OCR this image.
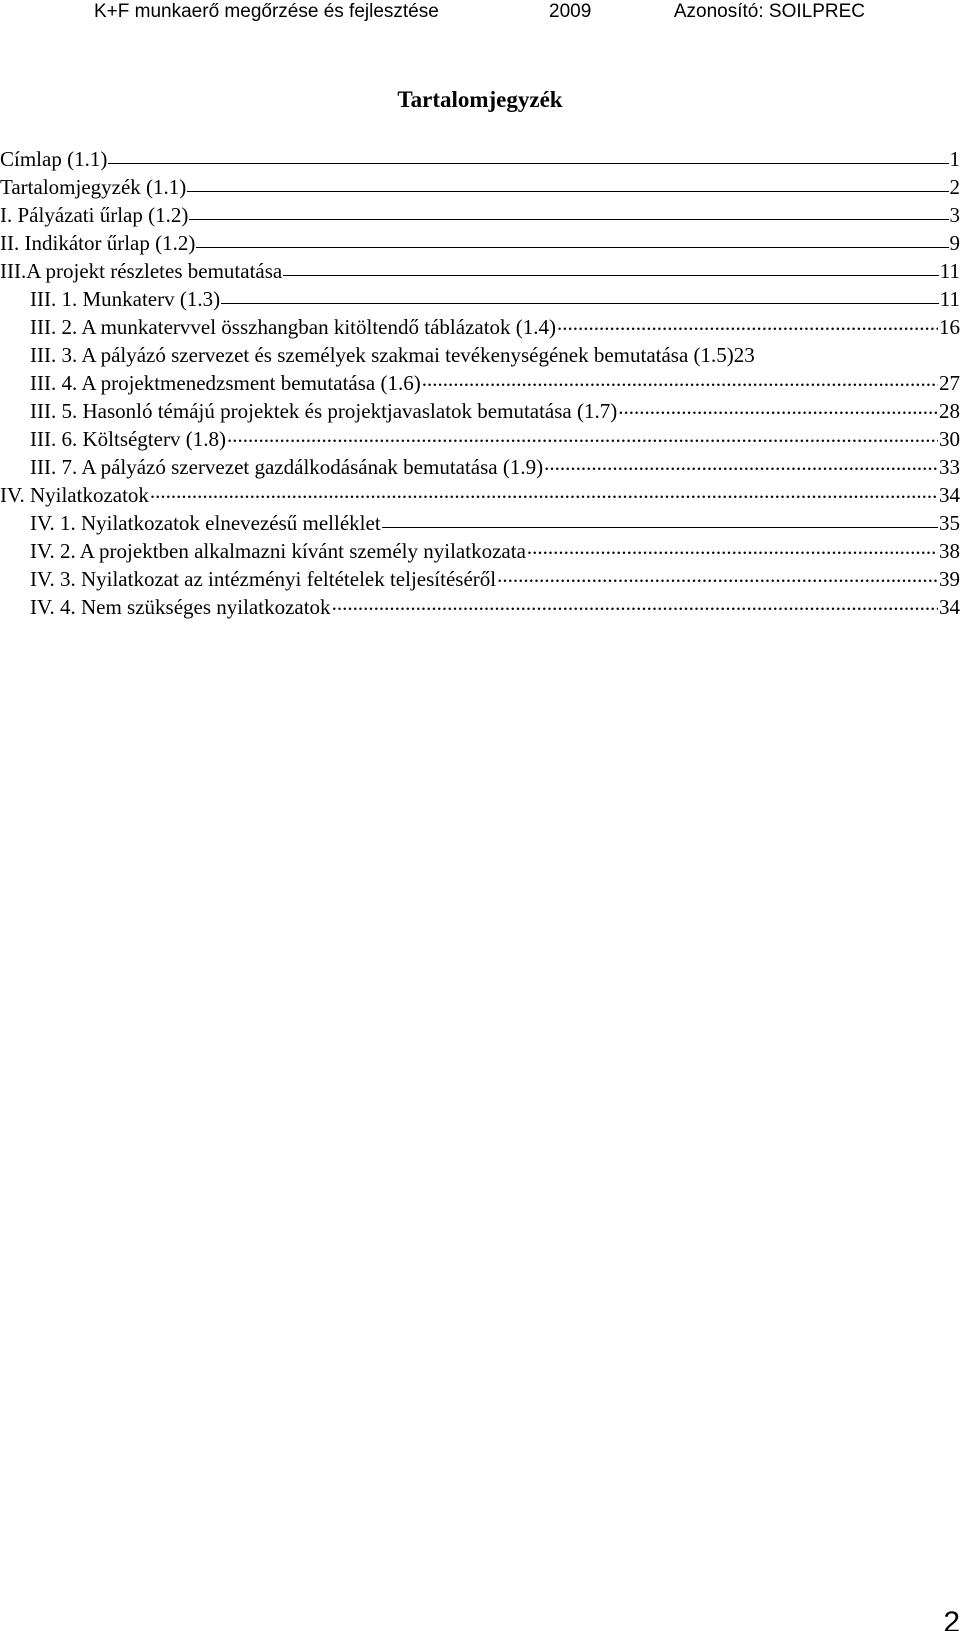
K+F munkaerő megőrzése és fejlesztése	2009	Azonosító: SOILPREC
Tartalomjegyzék
Címlap (1.1)	1
Tartalomjegyzék (1.1)	2
I. Pályázati űrlap (1.2)	3
II. Indikátor űrlap (1.2)	9
III.A projekt részletes bemutatása	11
III. 1. Munkaterv (1.3)	11
III. 2. A munkatervvel összhangban kitöltendő táblázatok (1.4) .....	16
III. 3. A pályázó szervezet és személyek szakmai tevékenységének bemutatása (1.5) 23
III. 4. A projektmenedzsment bemutatása (1.6) .....	27
III. 5. Hasonló témájú projektek és projektjavaslatok bemutatása (1.7) .....	28
III. 6. Költségterv (1.8) .....	30
III. 7. A pályázó szervezet gazdálkodásának bemutatása (1.9) .....	33
IV. Nyilatkozatok .....	34
IV. 1. Nyilatkozatok elnevezésű melléklet	35
IV. 2. A projektben alkalmazni kívánt személy nyilatkozata .....	38
IV. 3. Nyilatkozat az intézményi feltételek teljesítéséről .....	39
IV. 4. Nem szükséges nyilatkozatok .....	34
2
